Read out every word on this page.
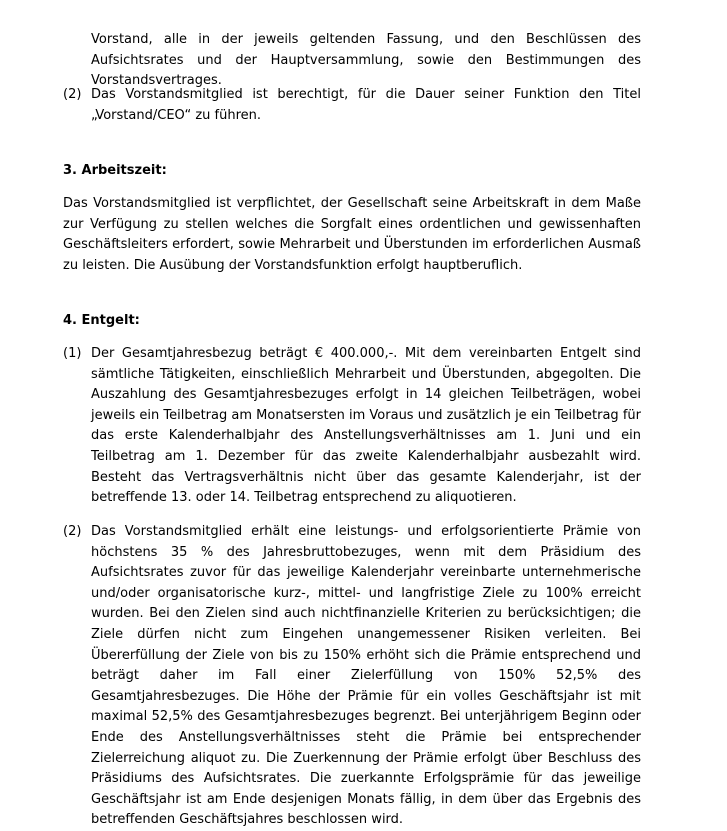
Vorstand, alle in der jeweils geltenden Fassung, und den Beschlüssen des Aufsichtsrates und der Hauptversammlung, sowie den Bestimmungen des Vorstandsvertrages.
(2) Das Vorstandsmitglied ist berechtigt, für die Dauer seiner Funktion den Titel „Vorstand/CEO“ zu führen.
3. Arbeitszeit:
Das Vorstandsmitglied ist verpflichtet, der Gesellschaft seine Arbeitskraft in dem Maße zur Verfügung zu stellen welches die Sorgfalt eines ordentlichen und gewissenhaften Geschäftsleiters erfordert, sowie Mehrarbeit und Überstunden im erforderlichen Ausmaß zu leisten. Die Ausübung der Vorstandsfunktion erfolgt hauptberuflich.
4. Entgelt:
(1) Der Gesamtjahresbezug beträgt € 400.000,-. Mit dem vereinbarten Entgelt sind sämtliche Tätigkeiten, einschließlich Mehrarbeit und Überstunden, abgegolten. Die Auszahlung des Gesamtjahresbezuges erfolgt in 14 gleichen Teilbeträgen, wobei jeweils ein Teilbetrag am Monatsersten im Voraus und zusätzlich je ein Teilbetrag für das erste Kalenderhalbjahr des Anstellungsverhältnisses am 1. Juni und ein Teilbetrag am 1. Dezember für das zweite Kalenderhalbjahr ausbezahlt wird. Besteht das Vertragsverhältnis nicht über das gesamte Kalenderjahr, ist der betreffende 13. oder 14. Teilbetrag entsprechend zu aliquotieren.
(2) Das Vorstandsmitglied erhält eine leistungs- und erfolgsorientierte Prämie von höchstens 35 % des Jahresbruttobezuges, wenn mit dem Präsidium des Aufsichtsrates zuvor für das jeweilige Kalenderjahr vereinbarte unternehmerische und/oder organisatorische kurz-, mittel- und langfristige Ziele zu 100% erreicht wurden. Bei den Zielen sind auch nichtfinanzielle Kriterien zu berücksichtigen; die Ziele dürfen nicht zum Eingehen unangemessener Risiken verleiten. Bei Übererfüllung der Ziele von bis zu 150% erhöht sich die Prämie entsprechend und beträgt daher im Fall einer Zielerfüllung von 150% 52,5% des Gesamtjahresbezuges. Die Höhe der Prämie für ein volles Geschäftsjahr ist mit maximal 52,5% des Gesamtjahresbezuges begrenzt. Bei unterjährigem Beginn oder Ende des Anstellungsverhältnisses steht die Prämie bei entsprechender Zielerreichung aliquot zu. Die Zuerkennung der Prämie erfolgt über Beschluss des Präsidiums des Aufsichtsrates. Die zuerkannte Erfolgsprämie für das jeweilige Geschäftsjahr ist am Ende desjenigen Monats fällig, in dem über das Ergebnis des betreffenden Geschäftsjahres beschlossen wird.
